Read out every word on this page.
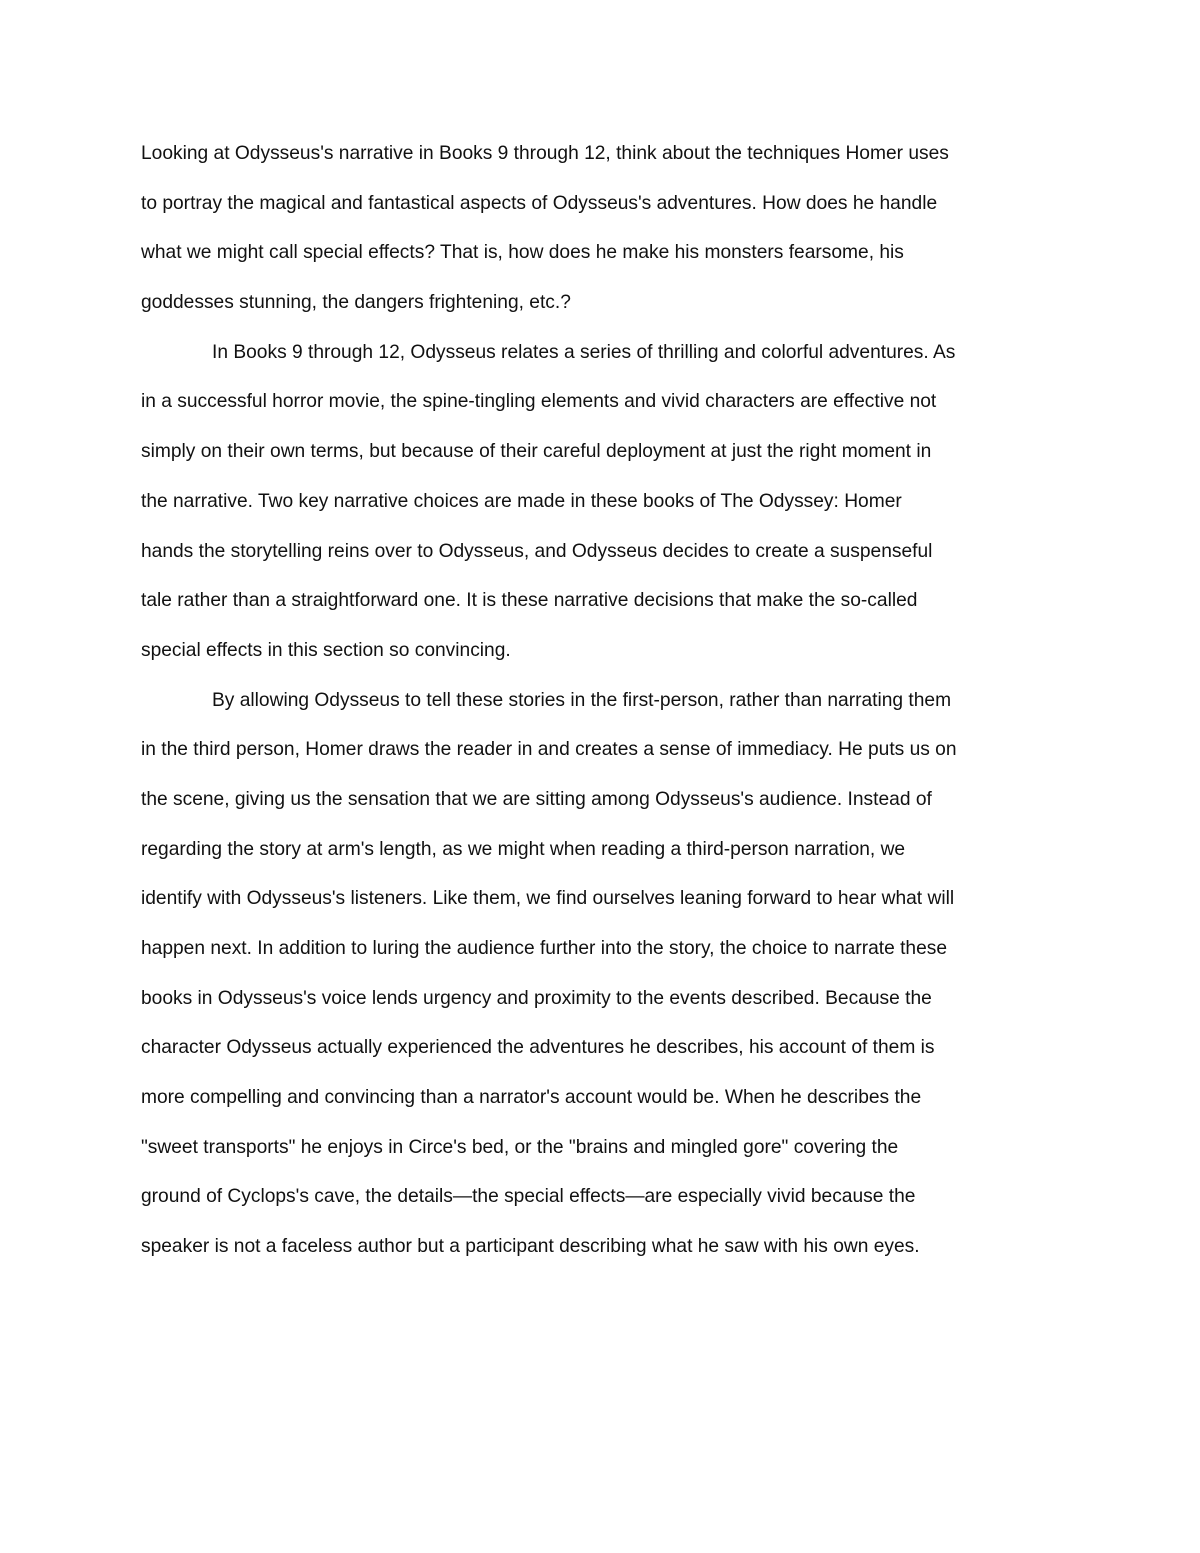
Looking at Odysseus's narrative in Books 9 through 12, think about the techniques Homer uses
to portray the magical and fantastical aspects of Odysseus's adventures. How does he handle
what we might call special effects? That is, how does he make his monsters fearsome, his
goddesses stunning, the dangers frightening, etc.?
In Books 9 through 12, Odysseus relates a series of thrilling and colorful adventures. As
in a successful horror movie, the spine-tingling elements and vivid characters are effective not
simply on their own terms, but because of their careful deployment at just the right moment in
the narrative. Two key narrative choices are made in these books of The Odyssey: Homer
hands the storytelling reins over to Odysseus, and Odysseus decides to create a suspenseful
tale rather than a straightforward one. It is these narrative decisions that make the so-called
special effects in this section so convincing.
By allowing Odysseus to tell these stories in the first-person, rather than narrating them
in the third person, Homer draws the reader in and creates a sense of immediacy. He puts us on
the scene, giving us the sensation that we are sitting among Odysseus's audience. Instead of
regarding the story at arm's length, as we might when reading a third-person narration, we
identify with Odysseus's listeners. Like them, we find ourselves leaning forward to hear what will
happen next. In addition to luring the audience further into the story, the choice to narrate these
books in Odysseus's voice lends urgency and proximity to the events described. Because the
character Odysseus actually experienced the adventures he describes, his account of them is
more compelling and convincing than a narrator's account would be. When he describes the
"sweet transports" he enjoys in Circe's bed, or the "brains and mingled gore" covering the
ground of Cyclops's cave, the details—the special effects—are especially vivid because the
speaker is not a faceless author but a participant describing what he saw with his own eyes.
